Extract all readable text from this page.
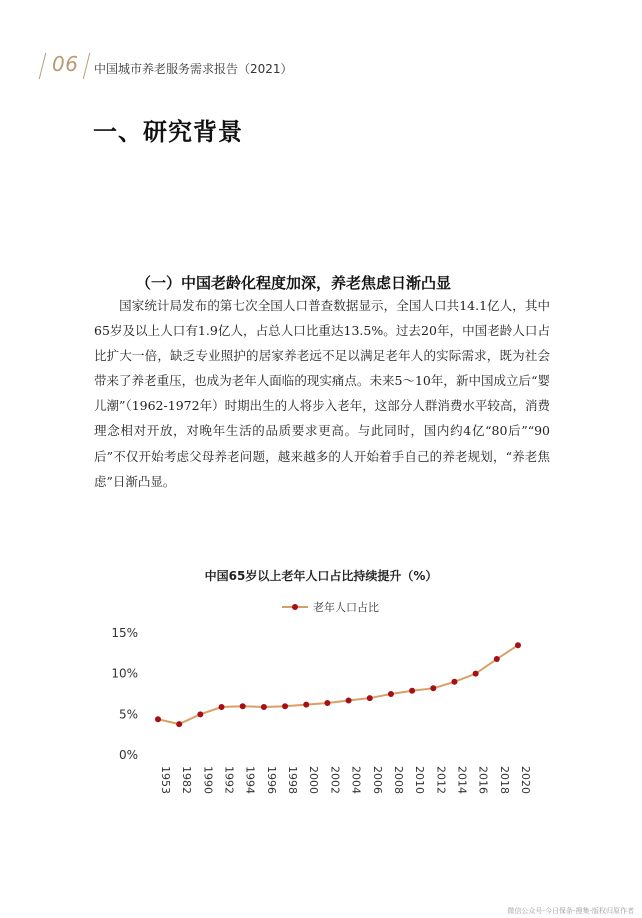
06 中国城市养老服务需求报告（2021）
一、研究背景
（一）中国老龄化程度加深，养老焦虑日渐凸显

　　国家统计局发布的第七次全国人口普查数据显示，全国人口共14.1亿人，其中65岁及以上人口有1.9亿人，占总人口比重达13.5%。过去20年，中国老龄人口占比扩大一倍，缺乏专业照护的居家养老远不足以满足老年人的实际需求，既为社会带来了养老重压，也成为老年人面临的现实痛点。未来5～10年，新中国成立后“婴儿潮”（1962-1972年）时期出生的人将步入老年，这部分人群消费水平较高，消费理念相对开放，对晚年生活的品质要求更高。与此同时，国内约4亿“80后”“90后”不仅开始考虑父母养老问题，越来越多的人开始着手自己的养老规划，“养老焦虑”日渐凸显。

中国65岁以上老年人口占比持续提升（%）
老年人口占比
0%
5%
10%
15%
1953 1982 1990 1992 1994 1996 1998 2000 2002 2004 2006 2008 2010 2012 2014 2016 2018 2020
微信公众号-今日保条-搜集-版权归原作者
